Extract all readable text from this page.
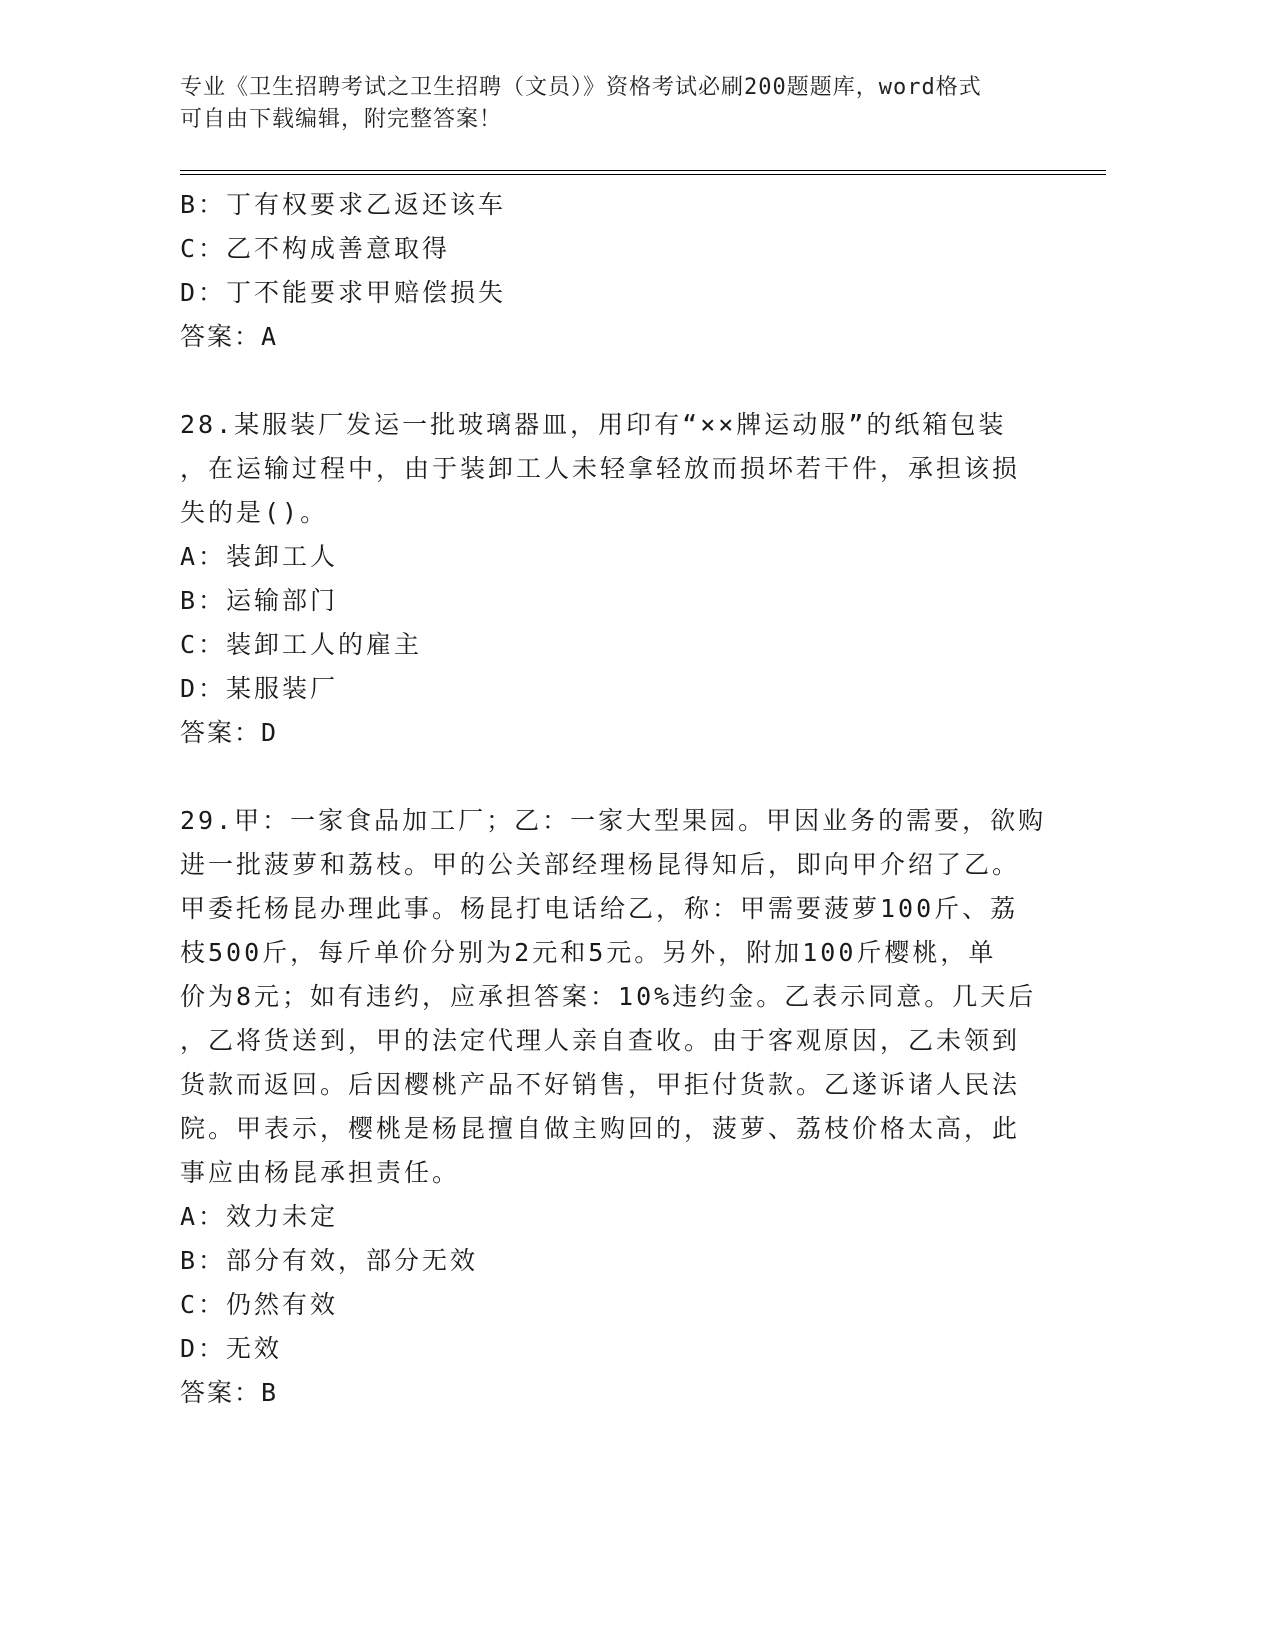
专业《卫生招聘考试之卫生招聘（文员）》资格考试必刷200题题库，word格式
可自由下载编辑，附完整答案！
B：丁有权要求乙返还该车
C：乙不构成善意取得
D：丁不能要求甲赔偿损失
答案：A
28.某服装厂发运一批玻璃器皿，用印有“××牌运动服”的纸箱包装
，在运输过程中，由于装卸工人未轻拿轻放而损坏若干件，承担该损
失的是()。
A：装卸工人
B：运输部门
C：装卸工人的雇主
D：某服装厂
答案：D
29.甲：一家食品加工厂；乙：一家大型果园。甲因业务的需要，欲购
进一批菠萝和荔枝。甲的公关部经理杨昆得知后，即向甲介绍了乙。
甲委托杨昆办理此事。杨昆打电话给乙，称：甲需要菠萝100斤、荔
枝500斤，每斤单价分别为2元和5元。另外，附加100斤樱桃，单
价为8元；如有违约，应承担答案：10%违约金。乙表示同意。几天后
，乙将货送到，甲的法定代理人亲自查收。由于客观原因，乙未领到
货款而返回。后因樱桃产品不好销售，甲拒付货款。乙遂诉诸人民法
院。甲表示，樱桃是杨昆擅自做主购回的，菠萝、荔枝价格太高，此
事应由杨昆承担责任。
A：效力未定
B：部分有效，部分无效
C：仍然有效
D：无效
答案：B
